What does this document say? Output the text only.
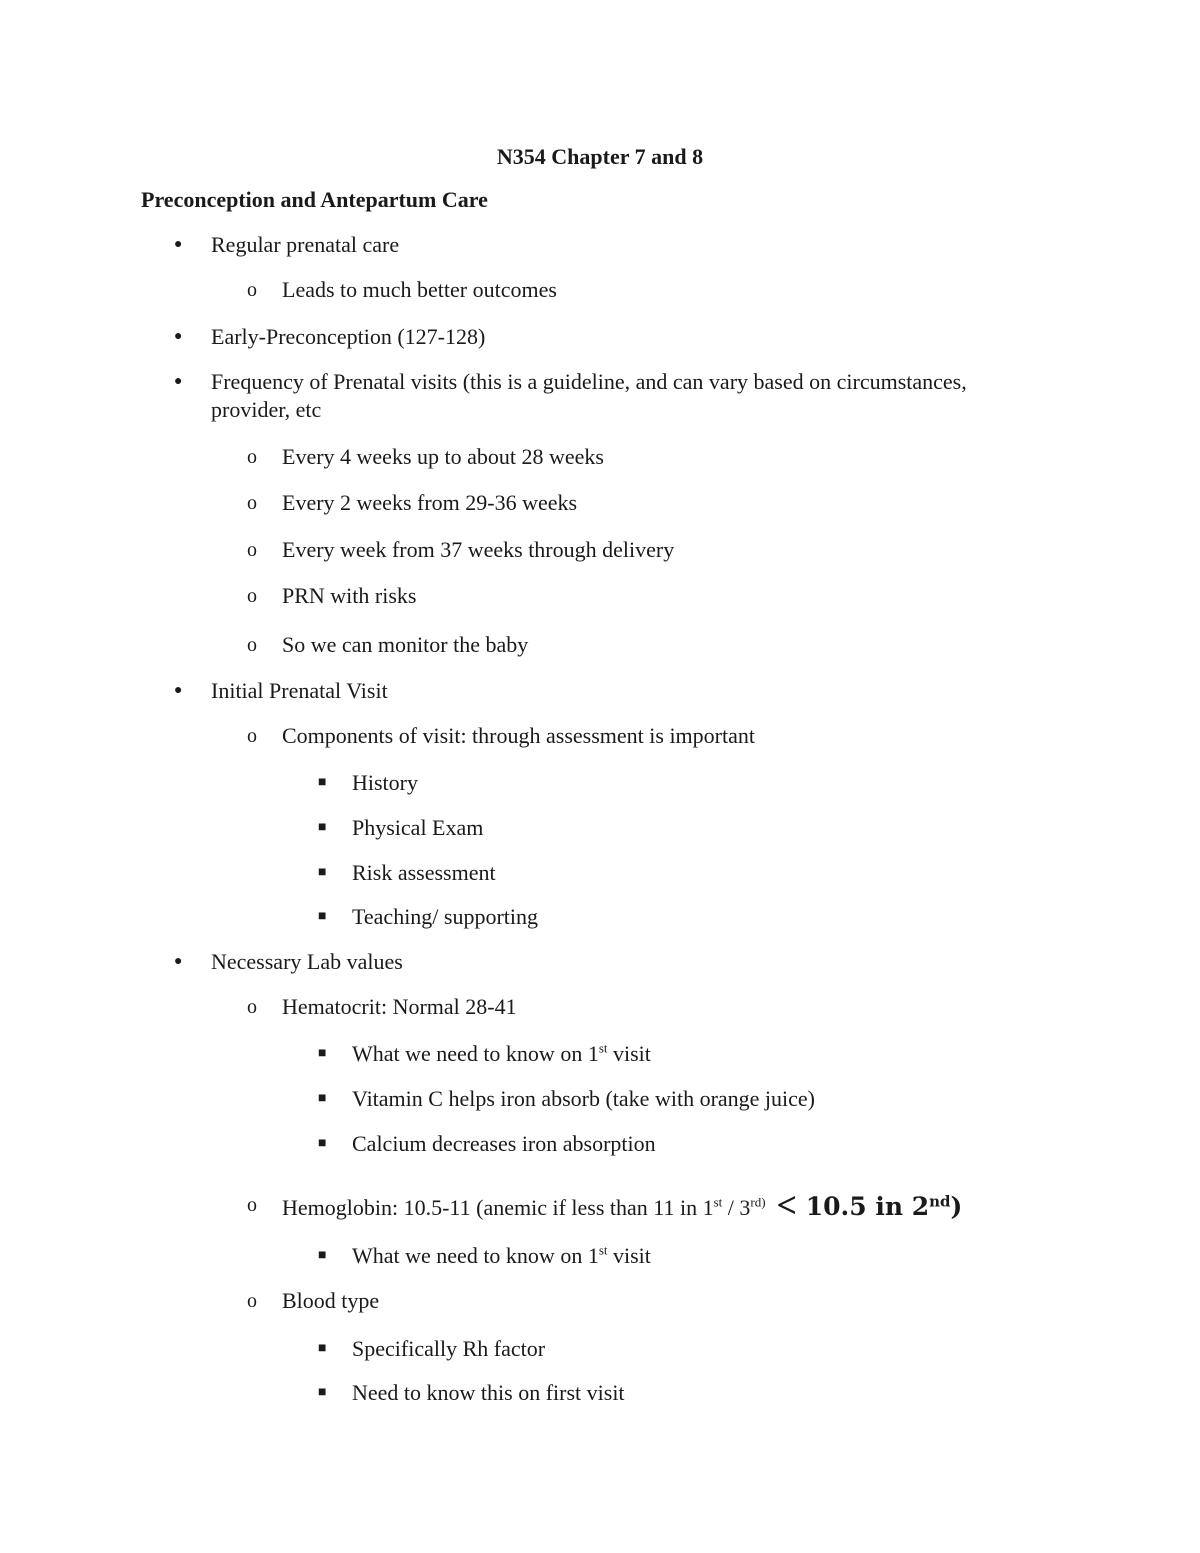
N354 Chapter 7 and 8
Preconception and Antepartum Care
● Regular prenatal care
o Leads to much better outcomes
● Early-Preconception (127-128)
● Frequency of Prenatal visits (this is a guideline, and can vary based on circumstances, provider, etc
o Every 4 weeks up to about 28 weeks
o Every 2 weeks from 29-36 weeks
o Every week from 37 weeks through delivery
o PRN with risks
o So we can monitor the baby
● Initial Prenatal Visit
o Components of visit: through assessment is important
■ History
■ Physical Exam
■ Risk assessment
■ Teaching/ supporting
● Necessary Lab values
o Hematocrit: Normal 28-41
■ What we need to know on 1st visit
■ Vitamin C helps iron absorb (take with orange juice)
■ Calcium decreases iron absorption
o Hemoglobin: 10.5-11 (anemic if less than 11 in $1st / 3^{rd)} < 10.5$ in 2nd)
■ What we need to know on 1st visit
o Blood type
■ Specifically Rh factor
■ Need to know this on first visit
